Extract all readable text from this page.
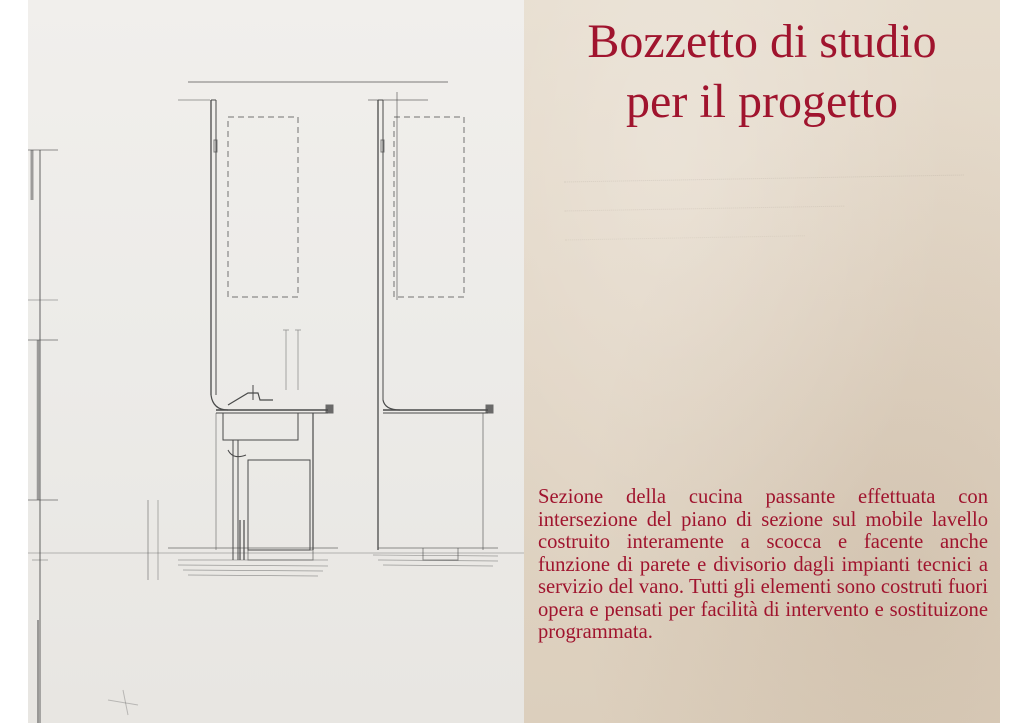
Bozzetto di studio
per il progetto
Sezione della cucina passante effettuata con intersezione del piano di sezione sul mobile lavello costruito interamente a scocca e facente anche funzione di parete e divisorio dagli impianti tecnici a servizio del vano. Tutti gli elementi sono costruti fuori opera e pensati per facilità di intervento e sostituizone programmata.
